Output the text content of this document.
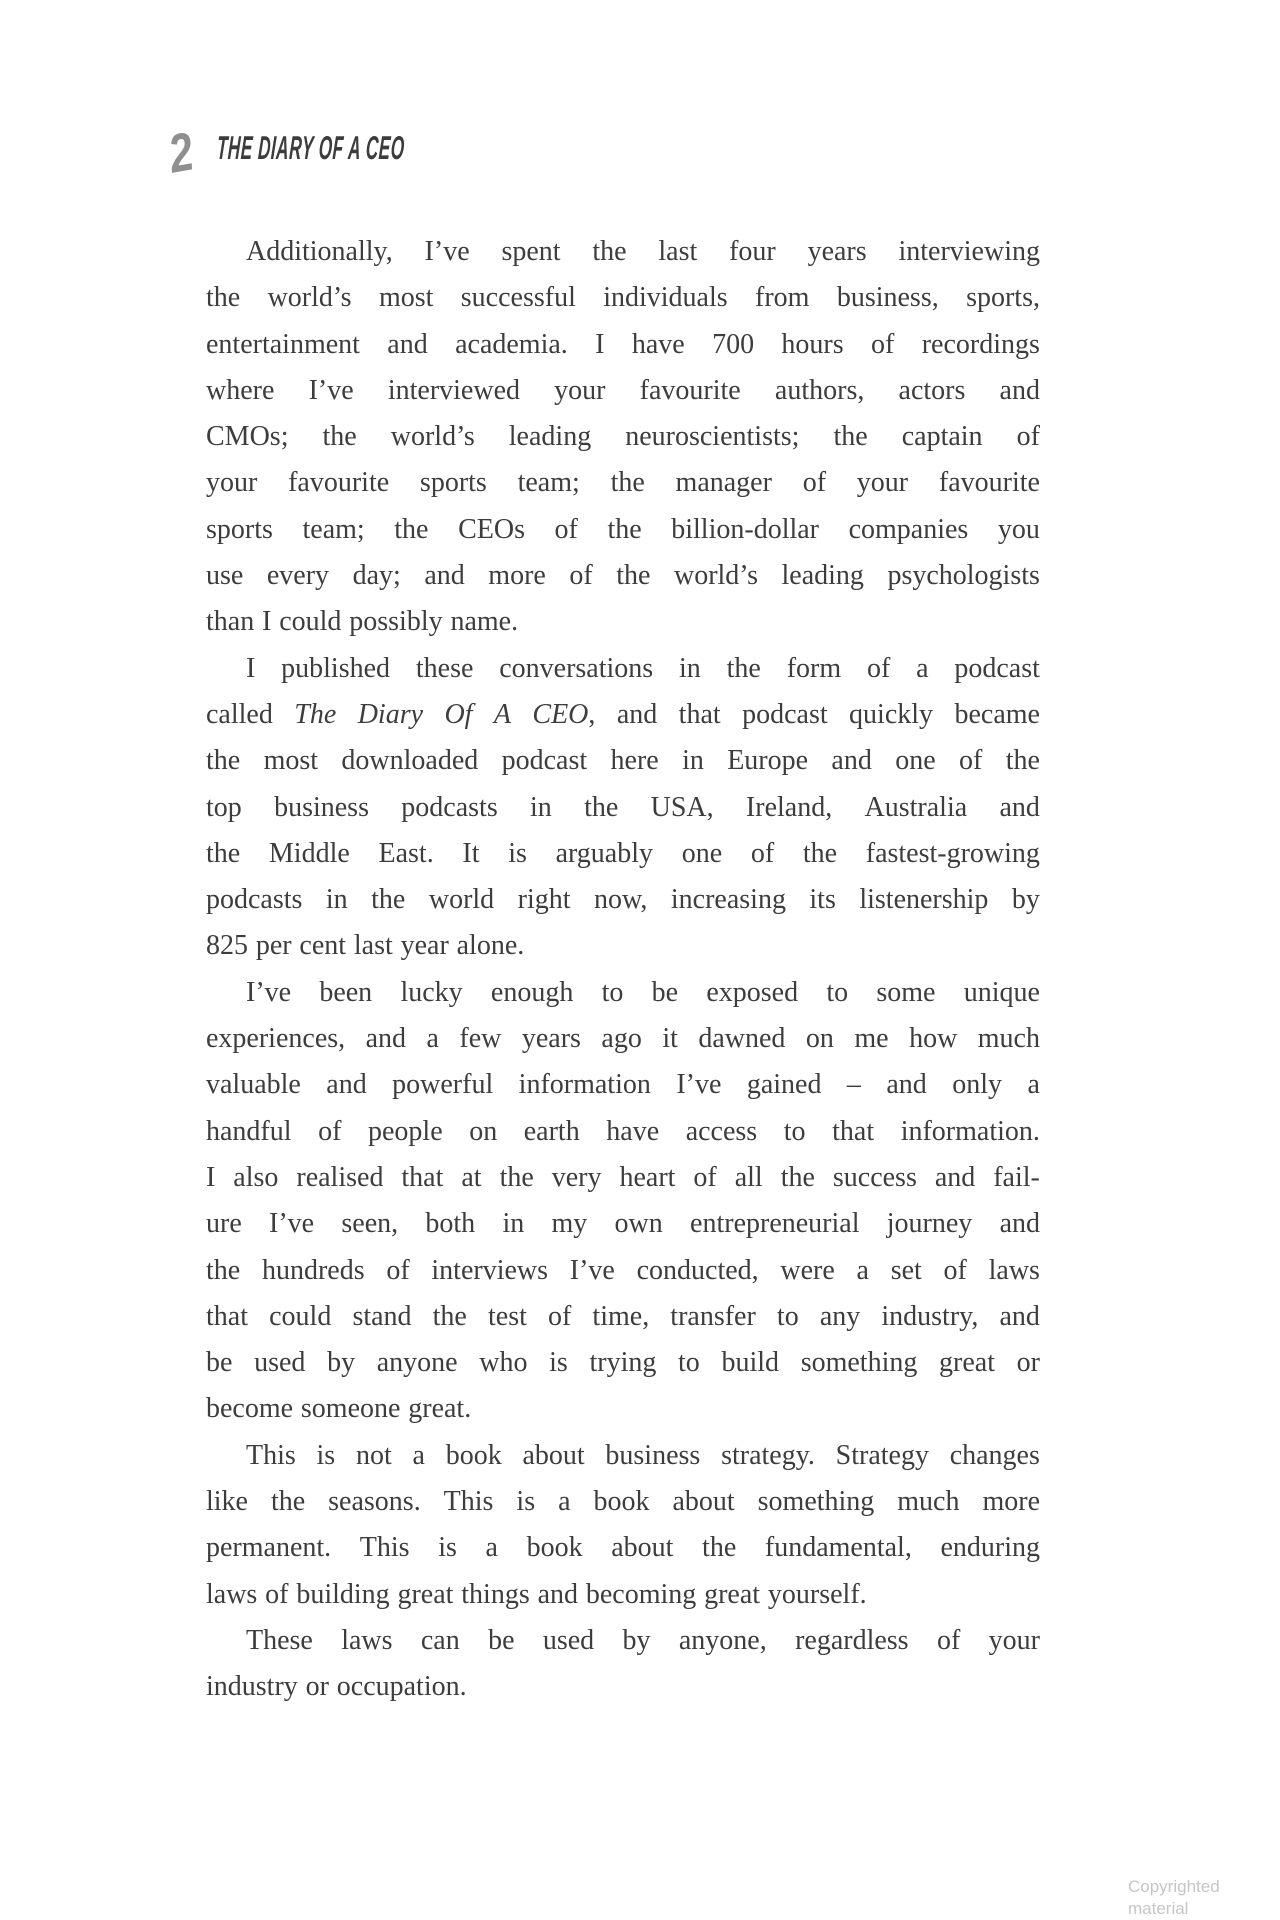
2 THE DIARY OF A CEO
Additionally, I’ve spent the last four years interviewing
the world’s most successful individuals from business, sports,
entertainment and academia. I have 700 hours of recordings
where I’ve interviewed your favourite authors, actors and
CMOs; the world’s leading neuroscientists; the captain of
your favourite sports team; the manager of your favourite
sports team; the CEOs of the billion-dollar companies you
use every day; and more of the world’s leading psychologists
than I could possibly name.
I published these conversations in the form of a podcast
called The Diary Of A CEO, and that podcast quickly became
the most downloaded podcast here in Europe and one of the
top business podcasts in the USA, Ireland, Australia and
the Middle East. It is arguably one of the fastest-growing
podcasts in the world right now, increasing its listenership by
825 per cent last year alone.
I’ve been lucky enough to be exposed to some unique
experiences, and a few years ago it dawned on me how much
valuable and powerful information I’ve gained – and only a
handful of people on earth have access to that information.
I also realised that at the very heart of all the success and fail-
ure I’ve seen, both in my own entrepreneurial journey and
the hundreds of interviews I’ve conducted, were a set of laws
that could stand the test of time, transfer to any industry, and
be used by anyone who is trying to build something great or
become someone great.
This is not a book about business strategy. Strategy changes
like the seasons. This is a book about something much more
permanent. This is a book about the fundamental, enduring
laws of building great things and becoming great yourself.
These laws can be used by anyone, regardless of your
industry or occupation.
Copyrighted material
